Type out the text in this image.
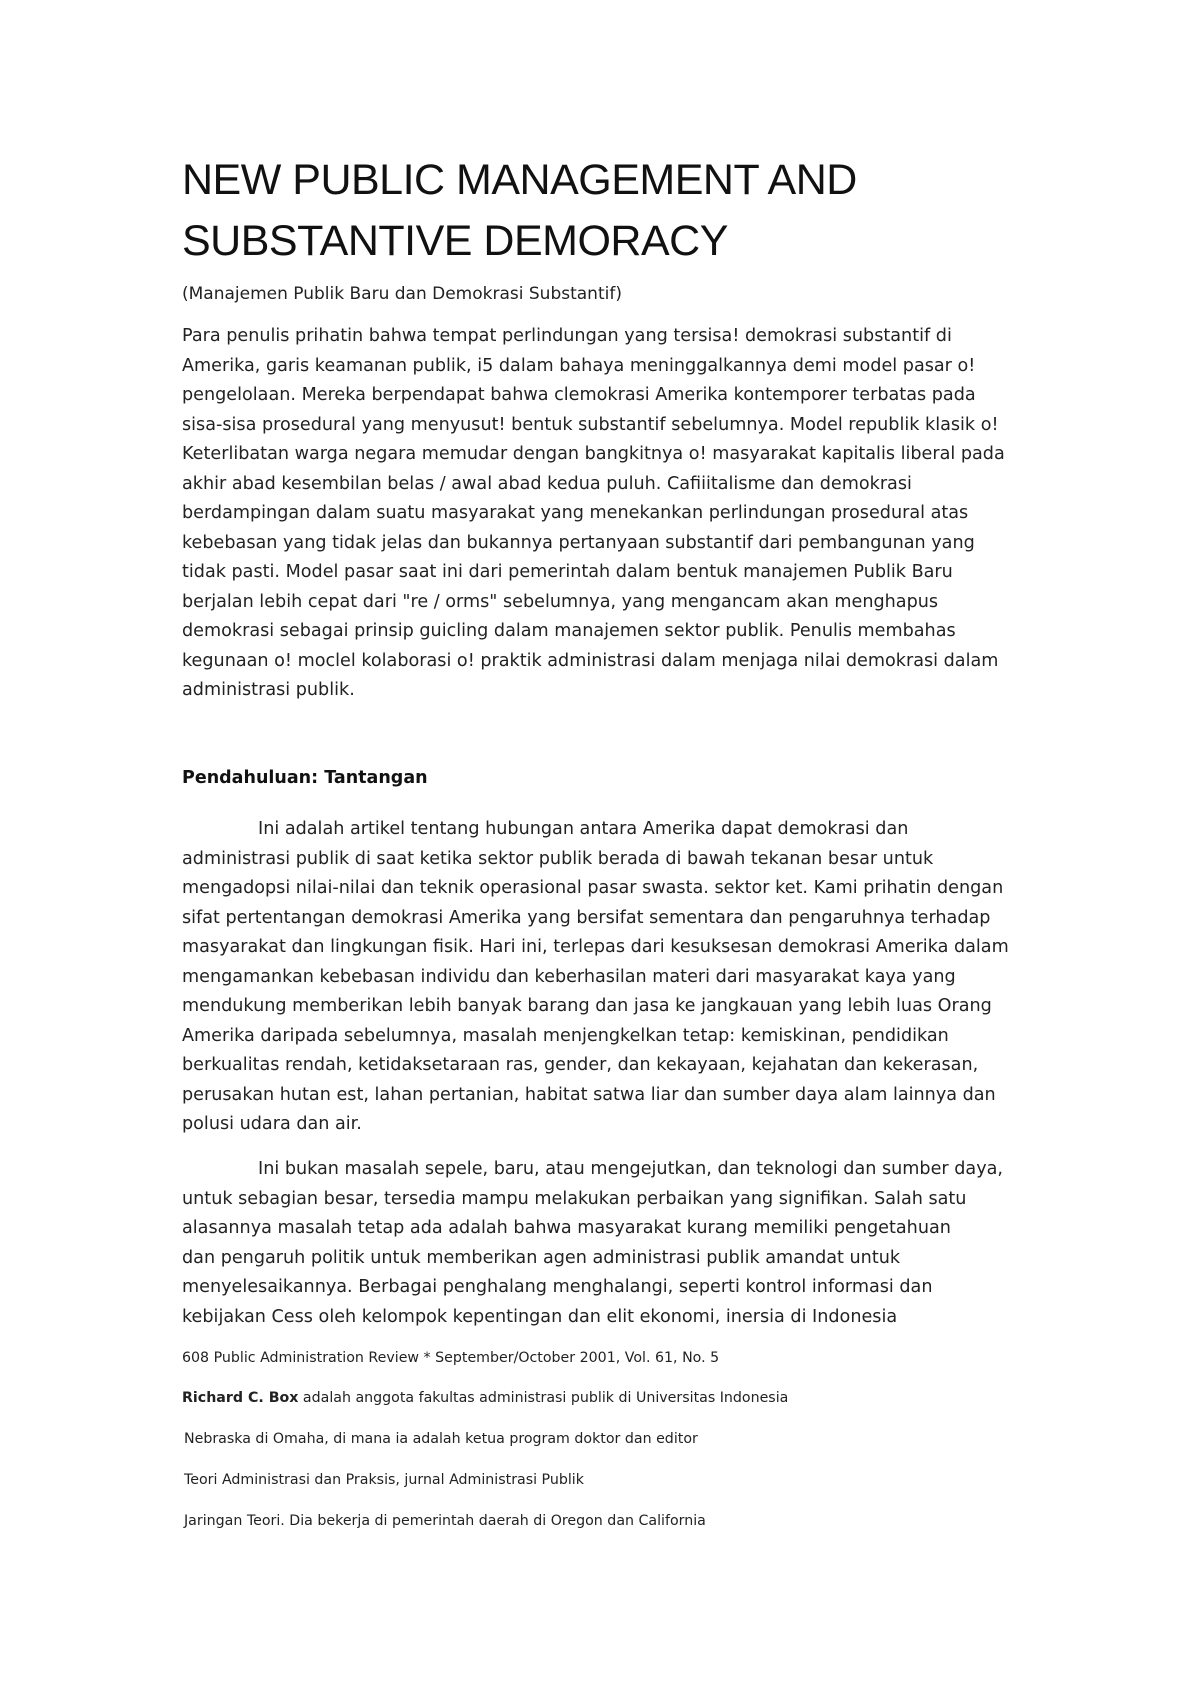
NEW PUBLIC MANAGEMENT AND
SUBSTANTIVE DEMORACY
(Manajemen Publik Baru dan Demokrasi Substantif)
Para penulis prihatin bahwa tempat perlindungan yang tersisa! demokrasi substantif di
Amerika, garis keamanan publik, i5 dalam bahaya meninggalkannya demi model pasar o!
pengelolaan. Mereka berpendapat bahwa clemokrasi Amerika kontemporer terbatas pada
sisa-sisa prosedural yang menyusut! bentuk substantif sebelumnya. Model republik klasik o!
Keterlibatan warga negara memudar dengan bangkitnya o! masyarakat kapitalis liberal pada
akhir abad kesembilan belas / awal abad kedua puluh. Cafiiitalisme dan demokrasi
berdampingan dalam suatu masyarakat yang menekankan perlindungan prosedural atas
kebebasan yang tidak jelas dan bukannya pertanyaan substantif dari pembangunan yang
tidak pasti. Model pasar saat ini dari pemerintah dalam bentuk manajemen Publik Baru
berjalan lebih cepat dari "re / orms" sebelumnya, yang mengancam akan menghapus
demokrasi sebagai prinsip guicling dalam manajemen sektor publik. Penulis membahas
kegunaan o! moclel kolaborasi o! praktik administrasi dalam menjaga nilai demokrasi dalam
administrasi publik.
Pendahuluan: Tantangan
Ini adalah artikel tentang hubungan antara Amerika dapat demokrasi dan
administrasi publik di saat ketika sektor publik berada di bawah tekanan besar untuk
mengadopsi nilai-nilai dan teknik operasional pasar swasta. sektor ket. Kami prihatin dengan
sifat pertentangan demokrasi Amerika yang bersifat sementara dan pengaruhnya terhadap
masyarakat dan lingkungan fisik. Hari ini, terlepas dari kesuksesan demokrasi Amerika dalam
mengamankan kebebasan individu dan keberhasilan materi dari masyarakat kaya yang
mendukung memberikan lebih banyak barang dan jasa ke jangkauan yang lebih luas Orang
Amerika daripada sebelumnya, masalah menjengkelkan tetap: kemiskinan, pendidikan
berkualitas rendah, ketidaksetaraan ras, gender, dan kekayaan, kejahatan dan kekerasan,
perusakan hutan est, lahan pertanian, habitat satwa liar dan sumber daya alam lainnya dan
polusi udara dan air.
Ini bukan masalah sepele, baru, atau mengejutkan, dan teknologi dan sumber daya,
untuk sebagian besar, tersedia mampu melakukan perbaikan yang signifikan. Salah satu
alasannya masalah tetap ada adalah bahwa masyarakat kurang memiliki pengetahuan
dan pengaruh politik untuk memberikan agen administrasi publik amandat untuk
menyelesaikannya. Berbagai penghalang menghalangi, seperti kontrol informasi dan
kebijakan Cess oleh kelompok kepentingan dan elit ekonomi, inersia di Indonesia
608 Public Administration Review * September/October 2001, Vol. 61, No. 5
Richard C. Box adalah anggota fakultas administrasi publik di Universitas Indonesia
Nebraska di Omaha, di mana ia adalah ketua program doktor dan editor
Teori Administrasi dan Praksis, jurnal Administrasi Publik
Jaringan Teori. Dia bekerja di pemerintah daerah di Oregon dan California
